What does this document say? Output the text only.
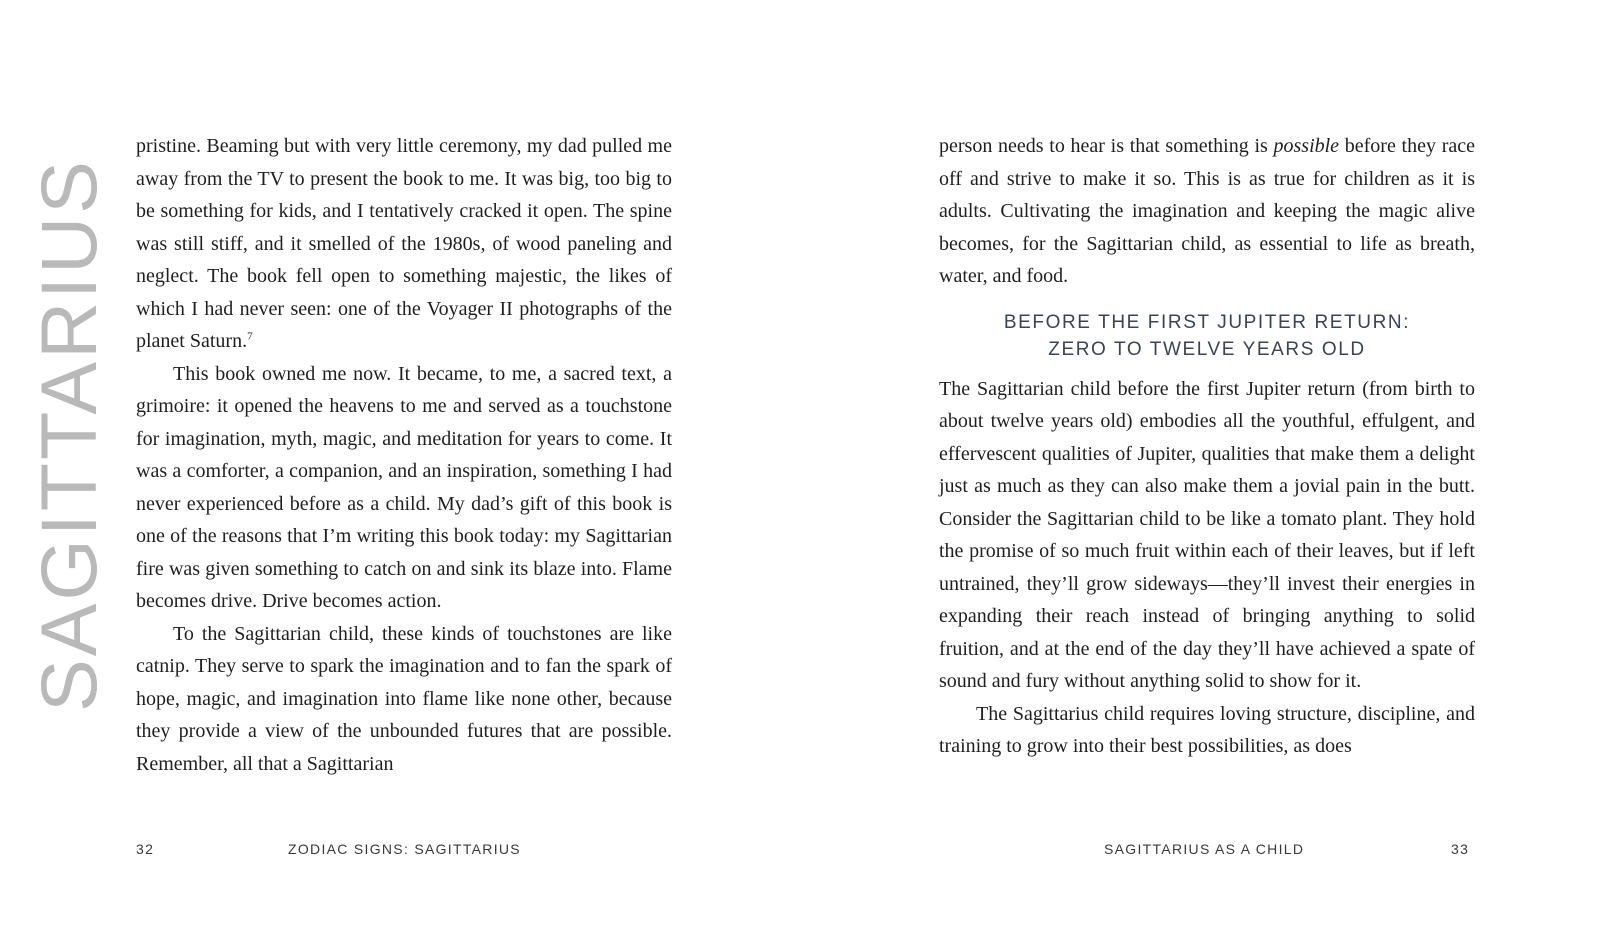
SAGITTARIUS

pristine. Beaming but with very little ceremony, my dad pulled me away from the TV to present the book to me. It was big, too big to be something for kids, and I tentatively cracked it open. The spine was still stiff, and it smelled of the 1980s, of wood paneling and neglect. The book fell open to something majestic, the likes of which I had never seen: one of the Voyager II photographs of the planet Saturn.$^7$

This book owned me now. It became, to me, a sacred text, a grimoire: it opened the heavens to me and served as a touchstone for imagination, myth, magic, and meditation for years to come. It was a comforter, a companion, and an inspiration, something I had never experienced before as a child. My dad’s gift of this book is one of the reasons that I’m writing this book today: my Sagittarian fire was given something to catch on and sink its blaze into. Flame becomes drive. Drive becomes action.

To the Sagittarian child, these kinds of touchstones are like catnip. They serve to spark the imagination and to fan the spark of hope, magic, and imagination into flame like none other, because they provide a view of the unbounded futures that are possible. Remember, all that a Sagittarian

person needs to hear is that something is possible before they race off and strive to make it so. This is as true for children as it is adults. Cultivating the imagination and keeping the magic alive becomes, for the Sagittarian child, as essential to life as breath, water, and food.

BEFORE THE FIRST JUPITER RETURN:
ZERO TO TWELVE YEARS OLD

The Sagittarian child before the first Jupiter return (from birth to about twelve years old) embodies all the youthful, effulgent, and effervescent qualities of Jupiter, qualities that make them a delight just as much as they can also make them a jovial pain in the butt. Consider the Sagittarian child to be like a tomato plant. They hold the promise of so much fruit within each of their leaves, but if left untrained, they’ll grow sideways—they’ll invest their energies in expanding their reach instead of bringing anything to solid fruition, and at the end of the day they’ll have achieved a spate of sound and fury without anything solid to show for it.

The Sagittarius child requires loving structure, discipline, and training to grow into their best possibilities, as does

32	ZODIAC SIGNS: SAGITTARIUS	SAGITTARIUS AS A CHILD	33
